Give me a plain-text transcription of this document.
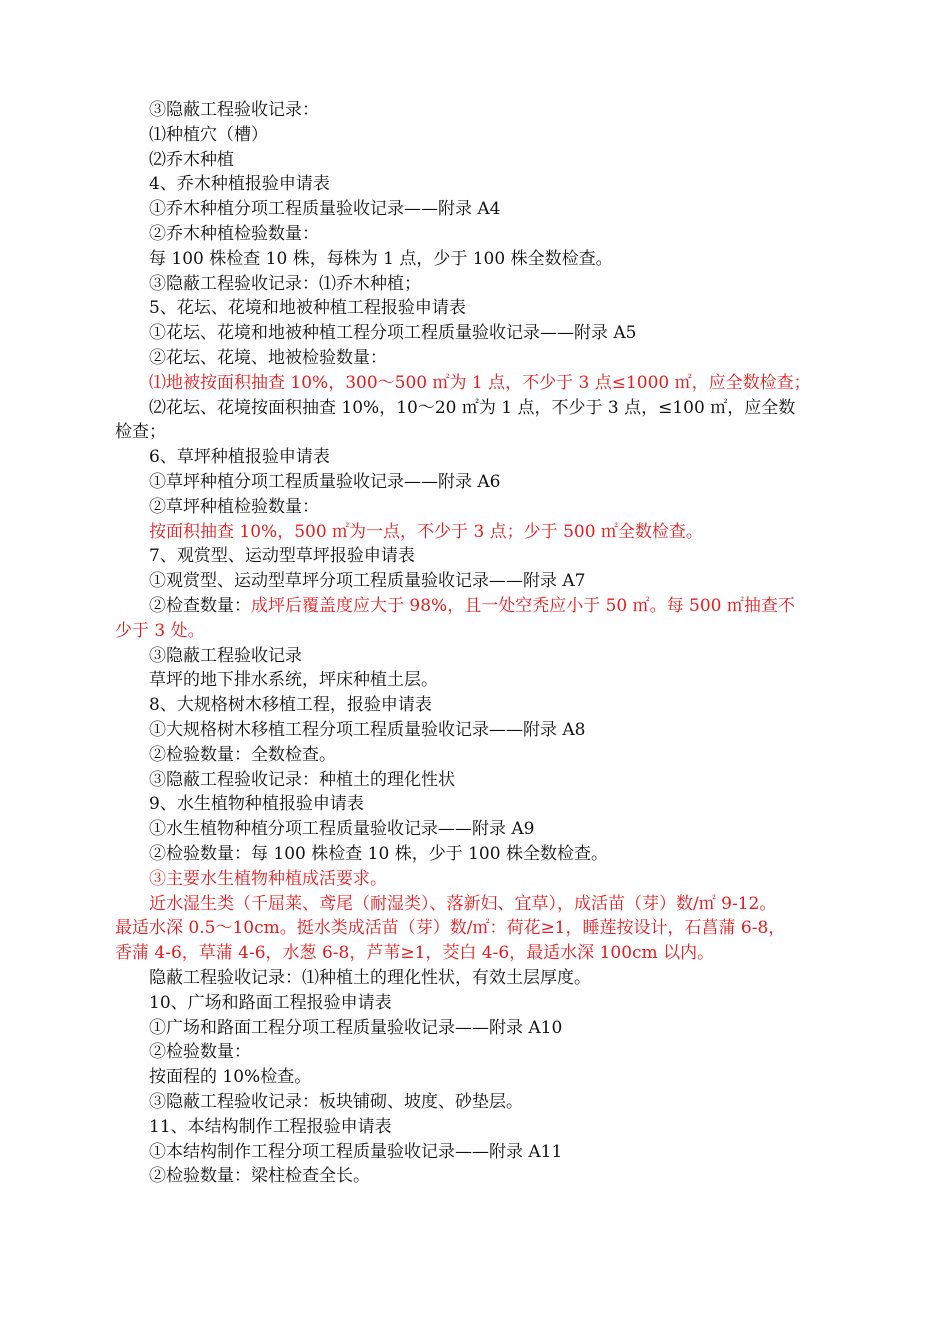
③隐蔽工程验收记录：
⑴种植穴（槽）
⑵乔木种植
4、乔木种植报验申请表
①乔木种植分项工程质量验收记录——附录 A4
②乔木种植检验数量：
每 100 株检查 10 株，每株为 1 点，少于 100 株全数检查。
③隐蔽工程验收记录：⑴乔木种植；
5、花坛、花境和地被种植工程报验申请表
①花坛、花境和地被种植工程分项工程质量验收记录——附录 A5
②花坛、花境、地被检验数量：
⑴地被按面积抽查 10%，300～500 ㎡为 1 点，不少于 3 点≤1000 ㎡，应全数检查；
⑵花坛、花境按面积抽查 10%，10～20 ㎡为 1 点，不少于 3 点，≤100 ㎡，应全数
检查；
6、草坪种植报验申请表
①草坪种植分项工程质量验收记录——附录 A6
②草坪种植检验数量：
按面积抽查 10%，500 ㎡为一点，不少于 3 点；少于 500 ㎡全数检查。
7、观赏型、运动型草坪报验申请表
①观赏型、运动型草坪分项工程质量验收记录——附录 A7
②检查数量：成坪后覆盖度应大于 98%，且一处空秃应小于 50 ㎡。每 500 ㎡抽查不
少于 3 处。
③隐蔽工程验收记录
草坪的地下排水系统，坪床种植土层。
8、大规格树木移植工程，报验申请表
①大规格树木移植工程分项工程质量验收记录——附录 A8
②检验数量：全数检查。
③隐蔽工程验收记录：种植土的理化性状
9、水生植物种植报验申请表
①水生植物种植分项工程质量验收记录——附录 A9
②检验数量：每 100 株检查 10 株，少于 100 株全数检查。
③主要水生植物种植成活要求。
近水湿生类（千屈莱、鸢尾（耐湿类）、落新妇、宜草），成活苗（芽）数/㎡ 9-12。
最适水深 0.5～10cm。挺水类成活苗（芽）数/㎡：荷花≥1，睡莲按设计，石菖蒲 6-8，
香蒲 4-6，草蒲 4-6，水葱 6-8，芦苇≥1，茭白 4-6，最适水深 100cm 以内。
隐蔽工程验收记录：⑴种植土的理化性状，有效土层厚度。
10、广场和路面工程报验申请表
①广场和路面工程分项工程质量验收记录——附录 A10
②检验数量：
按面程的 10%检查。
③隐蔽工程验收记录：板块铺砌、坡度、砂垫层。
11、本结构制作工程报验申请表
①本结构制作工程分项工程质量验收记录——附录 A11
②检验数量：梁柱检查全长。
